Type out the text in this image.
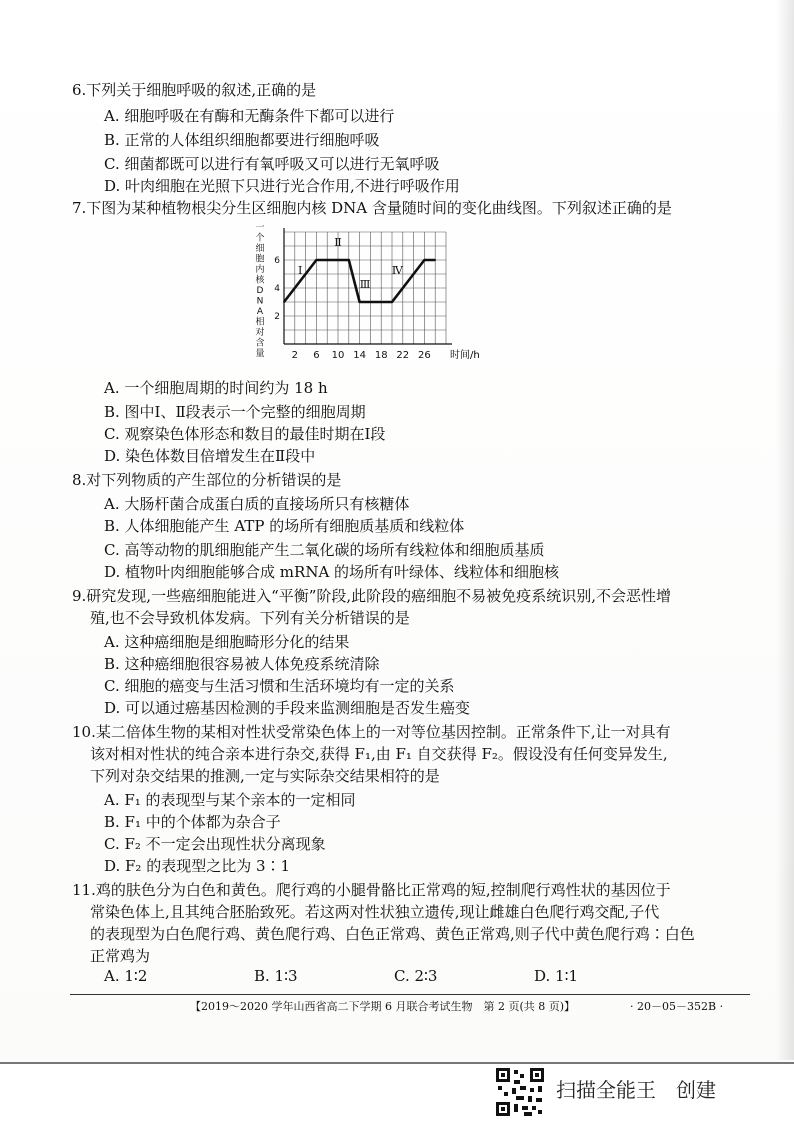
6.下列关于细胞呼吸的叙述,正确的是
A. 细胞呼吸在有酶和无酶条件下都可以进行
B. 正常的人体组织细胞都要进行细胞呼吸
C. 细菌都既可以进行有氧呼吸又可以进行无氧呼吸
D. 叶肉细胞在光照下只进行光合作用,不进行呼吸作用
7.下图为某种植物根尖分生区细胞内核 DNA 含量随时间的变化曲线图。下列叙述正确的是
一
个
细
胞
内
核
D
N
A
相
对
含
量
2
4
6
2 6 10 14 18 22 26 时间/h
Ⅰ
Ⅱ
Ⅲ
Ⅳ
A. 一个细胞周期的时间约为 18 h
B. 图中Ⅰ、Ⅱ段表示一个完整的细胞周期
C. 观察染色体形态和数目的最佳时期在Ⅰ段
D. 染色体数目倍增发生在Ⅱ段中
8.对下列物质的产生部位的分析错误的是
A. 大肠杆菌合成蛋白质的直接场所只有核糖体
B. 人体细胞能产生 ATP 的场所有细胞质基质和线粒体
C. 高等动物的肌细胞能产生二氧化碳的场所有线粒体和细胞质基质
D. 植物叶肉细胞能够合成 mRNA 的场所有叶绿体、线粒体和细胞核
9.研究发现,一些癌细胞能进入“平衡”阶段,此阶段的癌细胞不易被免疫系统识别,不会恶性增
殖,也不会导致机体发病。下列有关分析错误的是
A. 这种癌细胞是细胞畸形分化的结果
B. 这种癌细胞很容易被人体免疫系统清除
C. 细胞的癌变与生活习惯和生活环境均有一定的关系
D. 可以通过癌基因检测的手段来监测细胞是否发生癌变
10.某二倍体生物的某相对性状受常染色体上的一对等位基因控制。正常条件下,让一对具有
该对相对性状的纯合亲本进行杂交,获得 F₁,由 F₁ 自交获得 F₂。假设没有任何变异发生,
下列对杂交结果的推测,一定与实际杂交结果相符的是
A. F₁ 的表现型与某个亲本的一定相同
B. F₁ 中的个体都为杂合子
C. F₂ 不一定会出现性状分离现象
D. F₂ 的表现型之比为 3∶1
11.鸡的肤色分为白色和黄色。爬行鸡的小腿骨骼比正常鸡的短,控制爬行鸡性状的基因位于
常染色体上,且其纯合胚胎致死。若这两对性状独立遗传,现让雌雄白色爬行鸡交配,子代
的表现型为白色爬行鸡、黄色爬行鸡、白色正常鸡、黄色正常鸡,则子代中黄色爬行鸡∶白色
正常鸡为
A. 1∶2	B. 1∶3	C. 2∶3	D. 1∶1
【2019～2020 学年山西省高二下学期 6 月联合考试生物　第 2 页(共 8 页)】	· 20－05－352B ·
扫描全能王　创建
